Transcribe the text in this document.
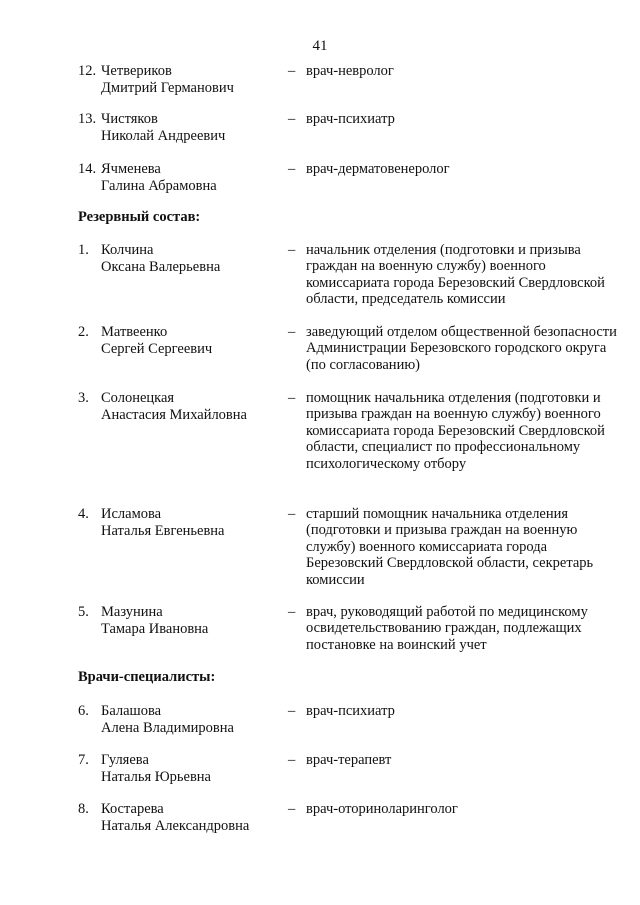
41
12. Четвериков
Дмитрий Германович
– врач-невролог
13. Чистяков
Николай Андреевич
– врач-психиатр
14. Ячменева
Галина Абрамовна
– врач-дерматовенеролог
Резервный состав:
1. Колчина
Оксана Валерьевна
– начальник отделения (подготовки и призыва граждан на военную службу) военного комиссариата города Березовский Свердловской области, председатель комиссии
2. Матвеенко
Сергей Сергеевич
– заведующий отделом общественной безопасности Администрации Березовского городского округа (по согласованию)
3. Солонецкая
Анастасия Михайловна
– помощник начальника отделения (подготовки и призыва граждан на военную службу) военного комиссариата города Березовский Свердловской области, специалист по профессиональному психологическому отбору
4. Исламова
Наталья Евгеньевна
– старший помощник начальника отделения (подготовки и призыва граждан на военную службу) военного комиссариата города Березовский Свердловской области, секретарь комиссии
5. Мазунина
Тамара Ивановна
– врач, руководящий работой по медицинскому освидетельствованию граждан, подлежащих постановке на воинский учет
Врачи-специалисты:
6. Балашова
Алена Владимировна
– врач-психиатр
7. Гуляева
Наталья Юрьевна
– врач-терапевт
8. Костарева
Наталья Александровна
– врач-оториноларинголог
